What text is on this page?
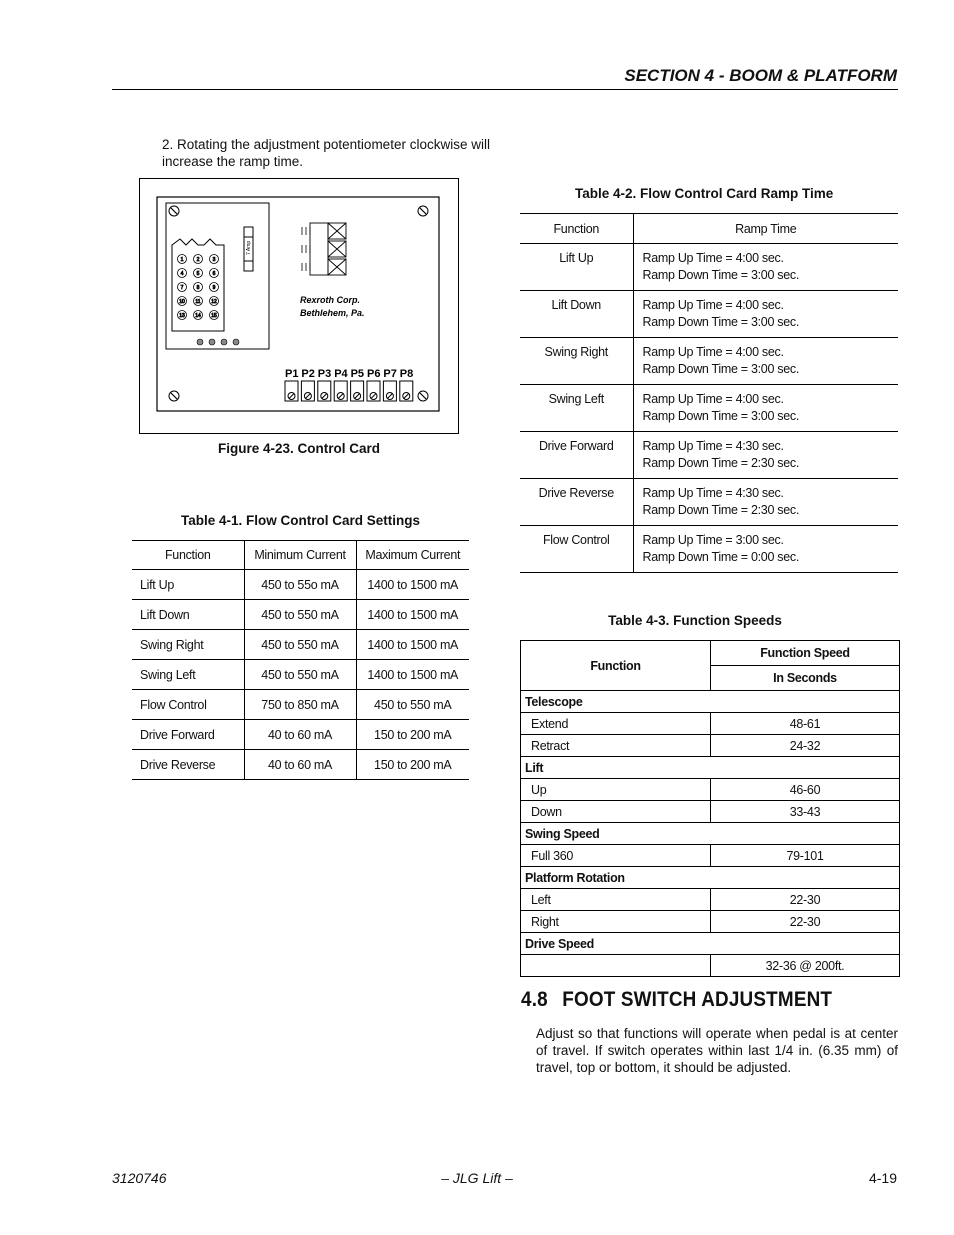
SECTION 4 - BOOM & PLATFORM

2. Rotating the adjustment potentiometer clockwise will increase the ramp time.

1	2	3
4	5	6
7	8	9
10 11 12
13 14 15
7 Amp
Rexroth Corp.
Bethlehem, Pa.
P1 P2 P3 P4 P5 P6 P7 P8
Figure 4-23. Control Card
Table 4-1. Flow Control Card Settings
Function	Minimum Current	Maximum Current
Lift Up	450 to 55o mA	1400 to 1500 mA
Lift Down	450 to 550 mA	1400 to 1500 mA
Swing Right	450 to 550 mA	1400 to 1500 mA
Swing Left	450 to 550 mA	1400 to 1500 mA
Flow Control	750 to 850 mA	450 to 550 mA
Drive Forward	40 to 60 mA	150 to 200 mA
Drive Reverse	40 to 60 mA	150 to 200 mA
Table 4-2. Flow Control Card Ramp Time
Function	Ramp Time
Lift Up	Ramp Up Time = 4:00 sec.
Ramp Down Time = 3:00 sec.

Lift Down	Ramp Up Time = 4:00 sec.
Ramp Down Time = 3:00 sec.

Swing Right	Ramp Up Time = 4:00 sec.
Ramp Down Time = 3:00 sec.

Swing Left	Ramp Up Time = 4:00 sec.
Ramp Down Time = 3:00 sec.

Drive Forward	Ramp Up Time = 4:30 sec.
Ramp Down Time = 2:30 sec.

Drive Reverse	Ramp Up Time = 4:30 sec.
Ramp Down Time = 2:30 sec.

Flow Control	Ramp Up Time = 3:00 sec.
Ramp Down Time = 0:00 sec.
Table 4-3. Function Speeds
Function	Function Speed
	In Seconds
Telescope	
Extend	48-61
Retract	24-32
Lift	
Up	46-60
Down	33-43
Swing Speed	
Full 360	79-101
Platform Rotation	
Left	22-30
Right	22-30
Drive Speed	
	32-36 @ 200ft.
4.8 FOOT SWITCH ADJUSTMENT

Adjust so that functions will operate when pedal is at center of travel. If switch operates within last 1/4 in. (6.35 mm) of travel, top or bottom, it should be adjusted.

3120746	– JLG Lift –	4-19
